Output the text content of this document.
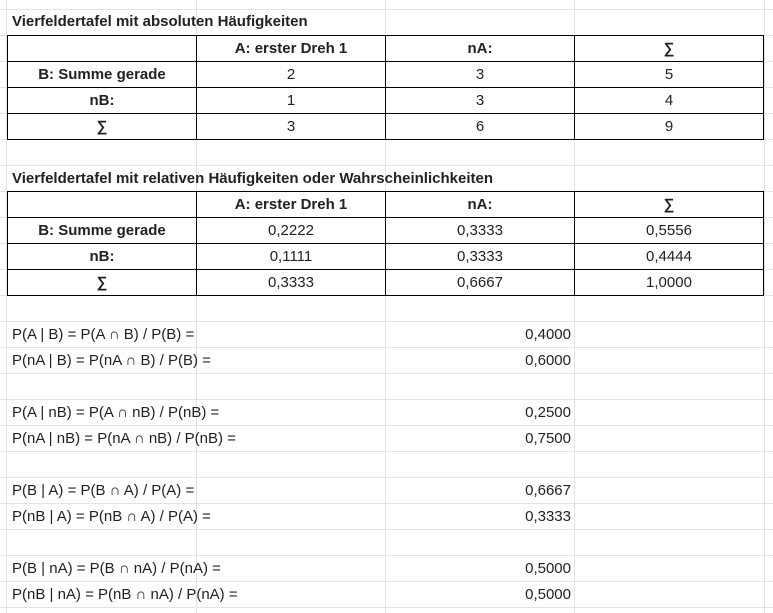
Vierfeldertafel mit absoluten Häufigkeiten
	A: erster Dreh 1	nA:	∑
B: Summe gerade	2	3	5
nB:	1	3	4
∑	3	6	9
Vierfeldertafel mit relativen Häufigkeiten oder Wahrscheinlichkeiten
	A: erster Dreh 1	nA:	∑
B: Summe gerade	0,2222	0,3333	0,5556
nB:	0,1111	0,3333	0,4444
∑	0,3333	0,6667	1,0000
P(A | B) = P(A ∩ B) / P(B) =	0,4000
P(nA | B) = P(nA ∩ B) / P(B) =	0,6000
P(A | nB) = P(A ∩ nB) / P(nB) =	0,2500
P(nA | nB) = P(nA ∩ nB) / P(nB) =	0,7500
P(B | A) = P(B ∩ A) / P(A) =	0,6667
P(nB | A) = P(nB ∩ A) / P(A) =	0,3333
P(B | nA) = P(B ∩ nA) / P(nA) =	0,5000
P(nB | nA) = P(nB ∩ nA) / P(nA) =	0,5000
